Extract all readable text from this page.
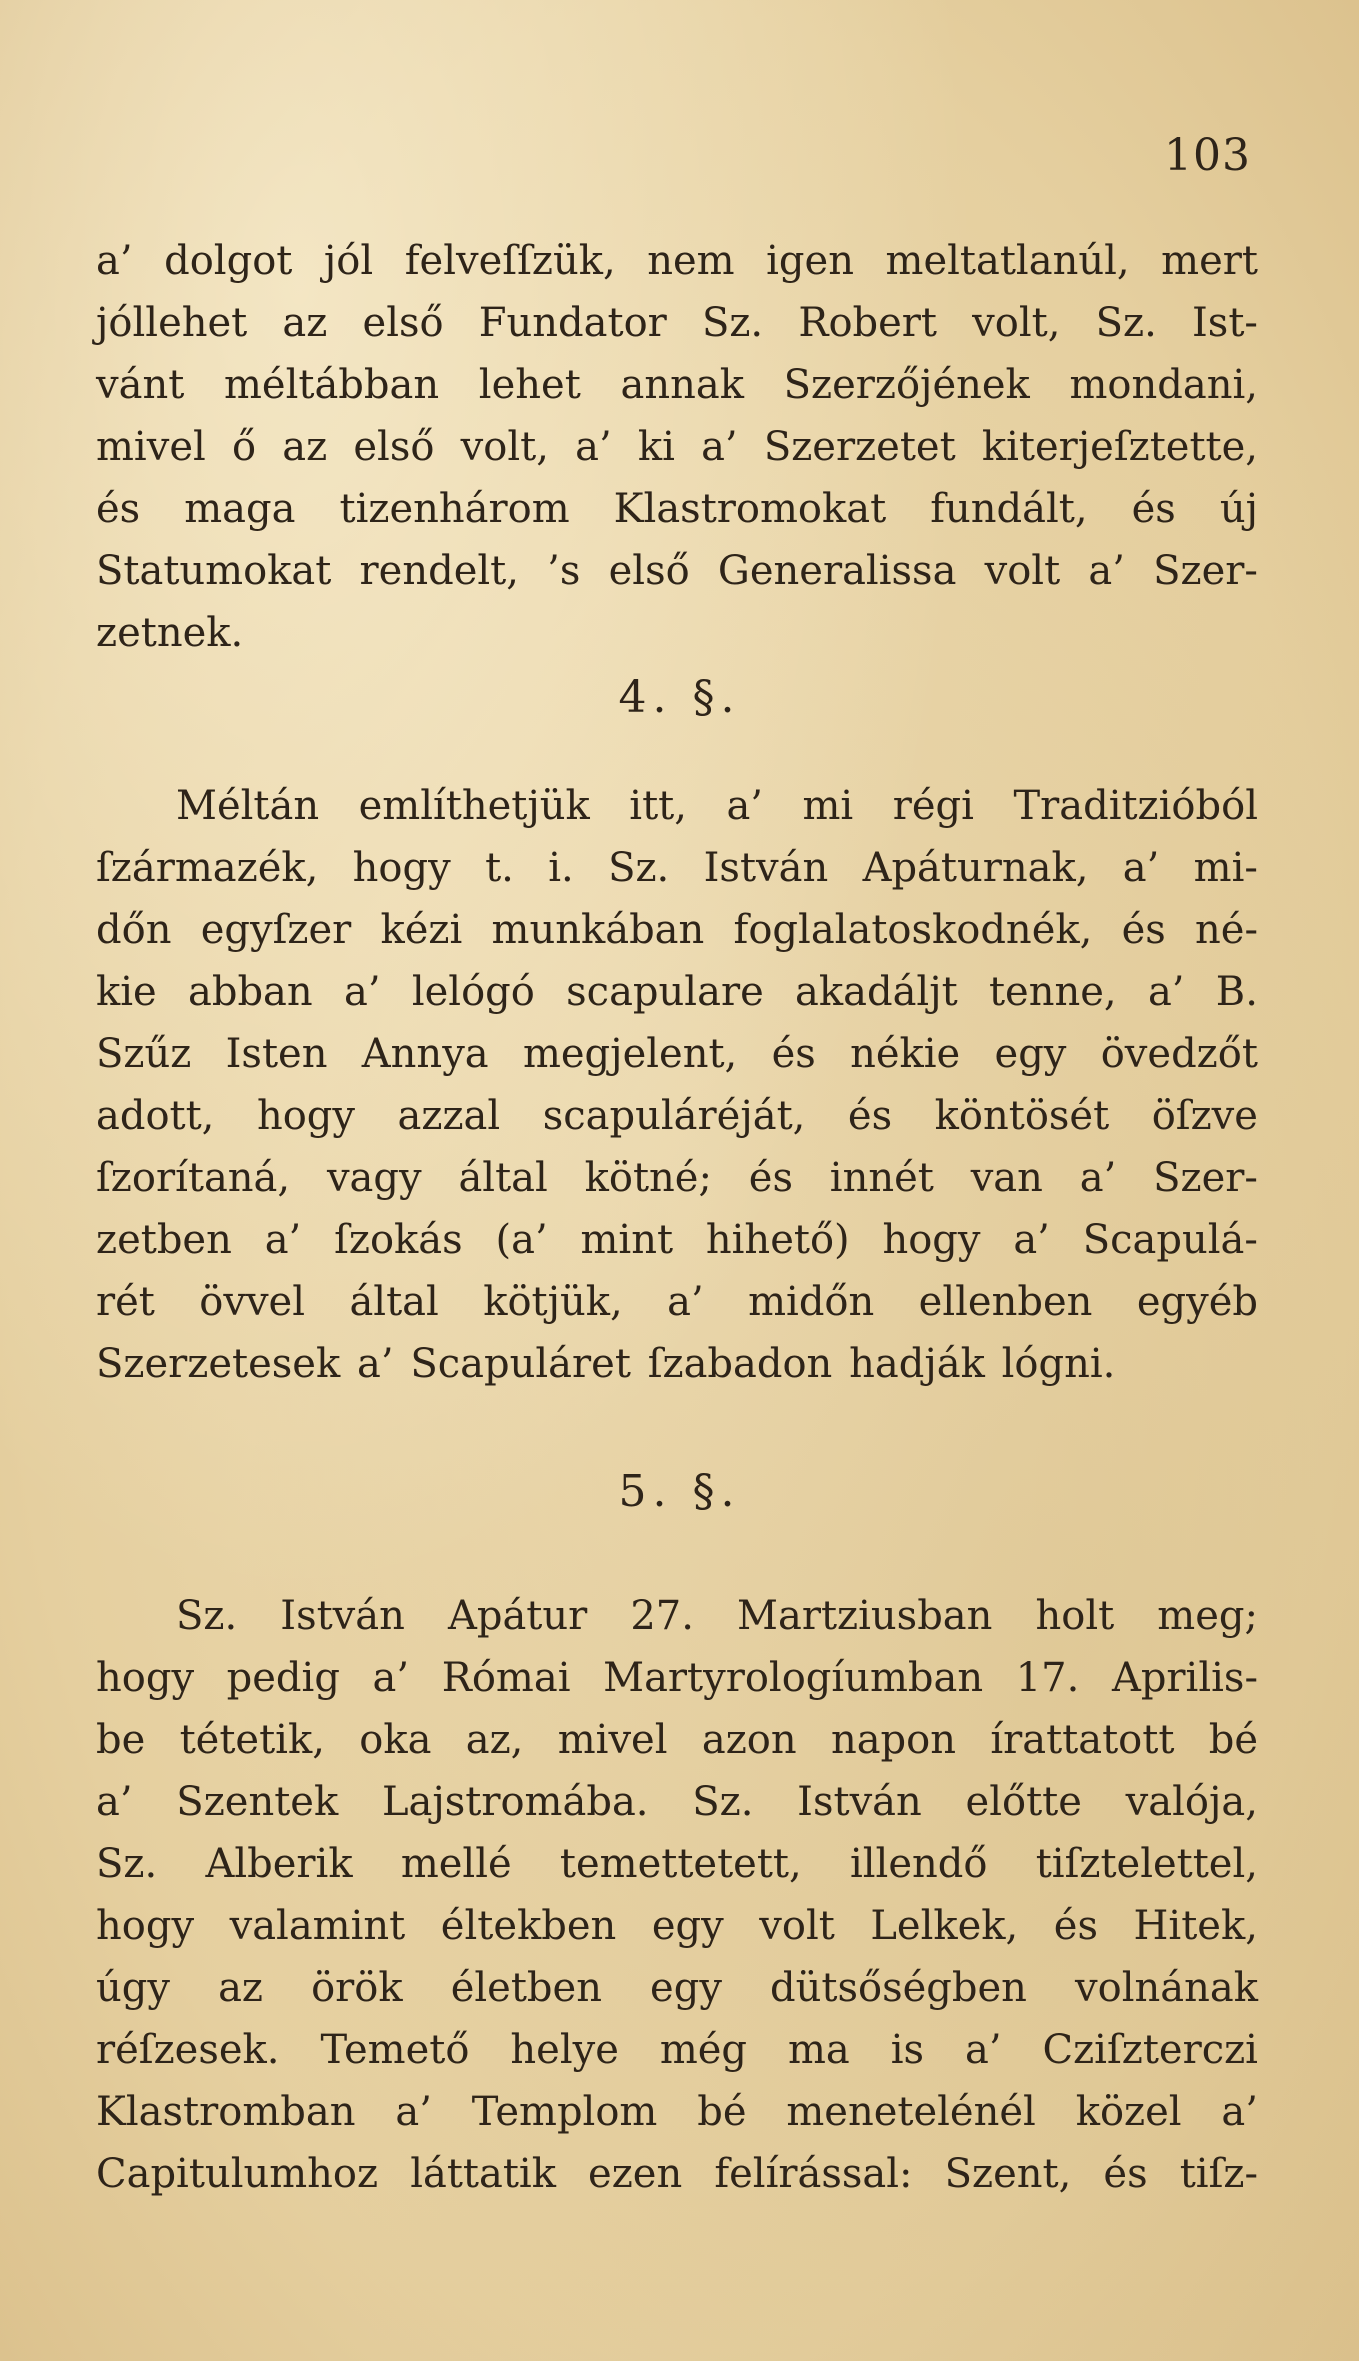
103
a’ dolgot jól felveſſzük, nem igen meltatlanúl, mert
jóllehet az első Fundator Sz. Robert volt, Sz. Ist-
vánt méltábban lehet annak Szerzőjének mondani,
mivel ő az első volt, a’ ki a’ Szerzetet kiterjeſztette,
és maga tizenhárom Klastromokat fundált, és új
Statumokat rendelt, ’s első Generalissa volt a’ Szer-
zetnek.
4. §.
Méltán említhetjük itt, a’ mi régi Traditzióból
ſzármazék, hogy t. i. Sz. István Apáturnak, a’ mi-
dőn egyſzer kézi munkában foglalatoskodnék, és né-
kie abban a’ lelógó scapulare akadáljt tenne, a’ B.
Szűz Isten Annya megjelent, és nékie egy övedzőt
adott, hogy azzal scapuláréját, és köntösét öſzve
ſzorítaná, vagy által kötné; és innét van a’ Szer-
zetben a’ ſzokás (a’ mint hihető) hogy a’ Scapulá-
rét övvel által kötjük, a’ midőn ellenben egyéb
Szerzetesek a’ Scapuláret ſzabadon hadják lógni.
5. §.
Sz. István Apátur 27. Martziusban holt meg;
hogy pedig a’ Római Martyrologíumban 17. Aprilis-
be tétetik, oka az, mivel azon napon írattatott bé
a’ Szentek Lajstromába. Sz. István előtte valója,
Sz. Alberik mellé temettetett, illendő tiſztelettel,
hogy valamint éltekben egy volt Lelkek, és Hitek,
úgy az örök életben egy dütsőségben volnának
réſzesek. Temető helye még ma is a’ Cziſzterczi
Klastromban a’ Templom bé menetelénél közel a’
Capitulumhoz láttatik ezen felírással: Szent, és tiſz-
